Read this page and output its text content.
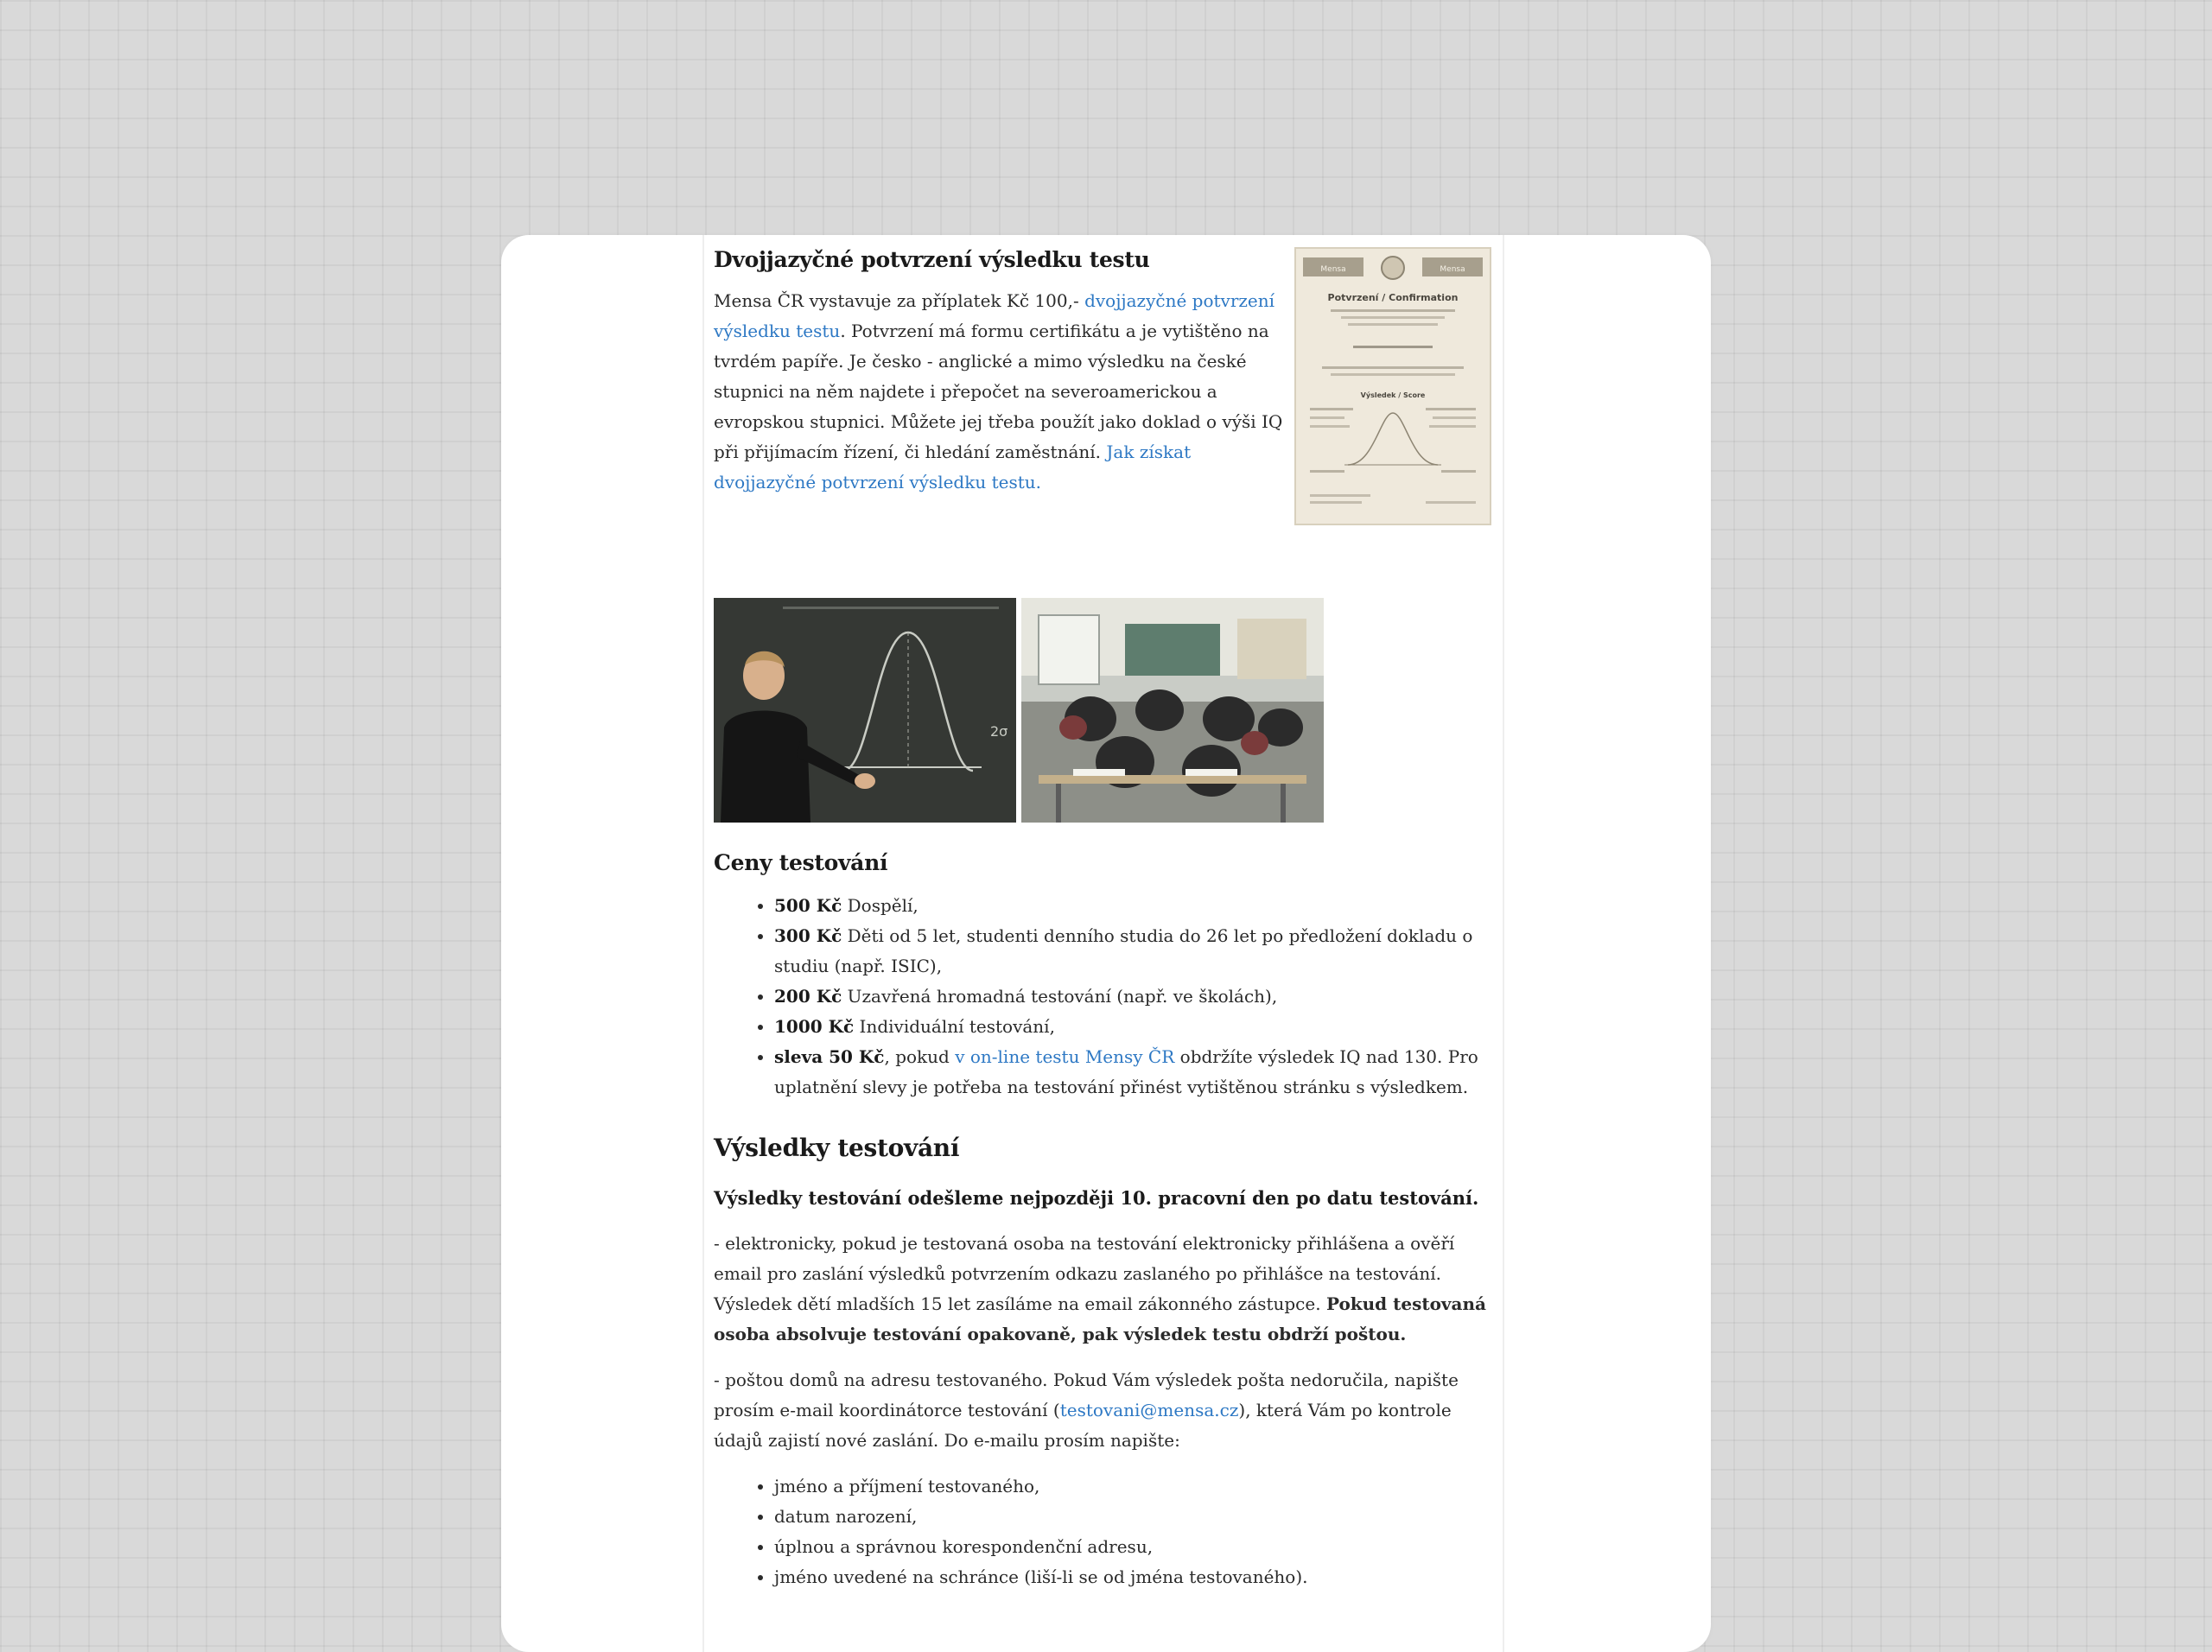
Dvojjazyčné potvrzení výsledku testu

Mensa ČR vystavuje za příplatek Kč 100,- dvojjazyčné potvrzení výsledku testu. Potvrzení má formu certifikátu a je vytištěno na tvrdém papíře. Je česko - anglické a mimo výsledku na české stupnici na něm najdete i přepočet na severoamerickou a evropskou stupnici. Můžete jej třeba použít jako doklad o výši IQ při přijímacím řízení, či hledání zaměstnání. Jak získat dvojjazyčné potvrzení výsledku testu.

Mensa	Mensa
Potvrzení / Confirmation
Výsledek / Score
2σ
Ceny testování
• 500 Kč Dospělí,
• 300 Kč Děti od 5 let, studenti denního studia do 26 let po předložení dokladu o studiu (např. ISIC),
• 200 Kč Uzavřená hromadná testování (např. ve školách),
• 1000 Kč Individuální testování,
• sleva 50 Kč, pokud v on-line testu Mensy ČR obdržíte výsledek IQ nad 130. Pro uplatnění slevy je potřeba na testování přinést vytištěnou stránku s výsledkem.
Výsledky testování

Výsledky testování odešleme nejpozději 10. pracovní den po datu testování.

- elektronicky, pokud je testovaná osoba na testování elektronicky přihlášena a ověří email pro zaslání výsledků potvrzením odkazu zaslaného po přihlášce na testování. Výsledek dětí mladších 15 let zasíláme na email zákonného zástupce. Pokud testovaná osoba absolvuje testování opakovaně, pak výsledek testu obdrží poštou.

- poštou domů na adresu testovaného. Pokud Vám výsledek pošta nedoručila, napište prosím e-mail koordinátorce testování (testovani@mensa.cz), která Vám po kontrole údajů zajistí nové zaslání. Do e-mailu prosím napište:

• jméno a příjmení testovaného,
• datum narození,
• úplnou a správnou korespondenční adresu,
• jméno uvedené na schránce (liší-li se od jména testovaného).
